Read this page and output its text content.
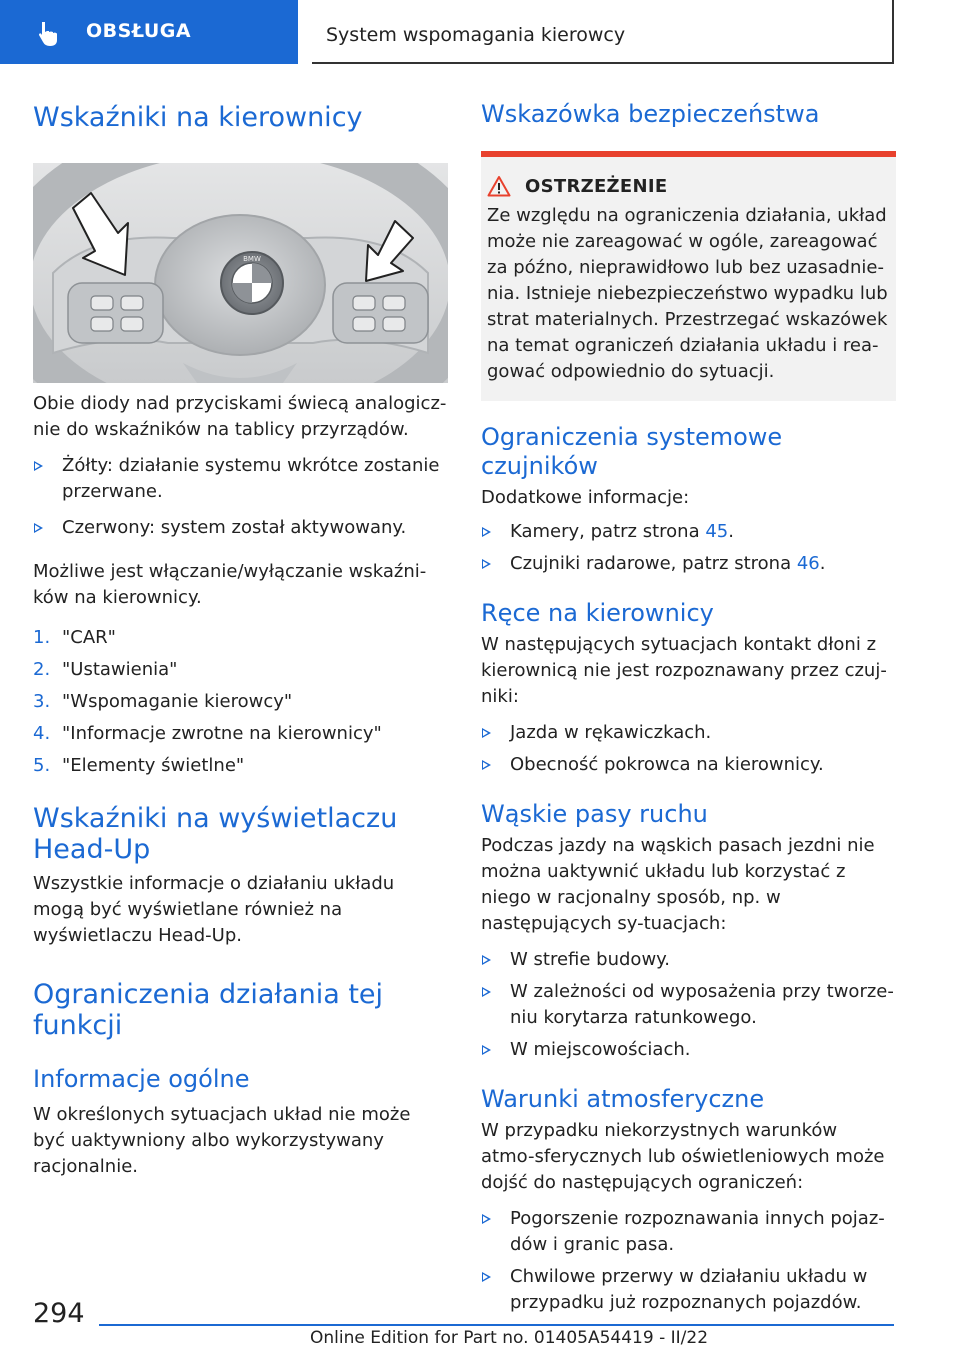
OBSŁUGA	System wspomagania kierowcy
Wskaźniki na kierownicy
BMW

Obie diody nad przyciskami świecą analogicz-nie do wskaźników na tablicy przyrządów.

Żółty: działanie systemu wkrótce zostanie przerwane.
Czerwony: system został aktywowany.

Możliwe jest włączanie/wyłączanie wskaźni-ków na kierownicy.

1. "CAR"
2. "Ustawienia"
3. "Wspomaganie kierowcy"
4. "Informacje zwrotne na kierownicy"
5. "Elementy świetlne"
Wskaźniki na wyświetlaczu Head-Up

Wszystkie informacje o działaniu układu mogą być wyświetlane również na wyświetlaczu Head-Up.

Ograniczenia działania tej funkcji
Informacje ogólne

W określonych sytuacjach układ nie może być uaktywniony albo wykorzystywany racjonalnie.

Wskazówka bezpieczeństwa
OSTRZEŻENIE

Ze względu na ograniczenia działania, układ może nie zareagować w ogóle, zareagować za późno, nieprawidłowo lub bez uzasadnie-nia. Istnieje niebezpieczeństwo wypadku lub strat materialnych. Przestrzegać wskazówek na temat ograniczeń działania układu i rea-gować odpowiednio do sytuacji.

Ograniczenia systemowe czujników

Dodatkowe informacje:

Kamery, patrz strona 45.
Czujniki radarowe, patrz strona 46.
Ręce na kierownicy

W następujących sytuacjach kontakt dłoni z kierownicą nie jest rozpoznawany przez czuj-niki:

Jazda w rękawiczkach.
Obecność pokrowca na kierownicy.
Wąskie pasy ruchu

Podczas jazdy na wąskich pasach jezdni nie można uaktywnić układu lub korzystać z niego w racjonalny sposób, np. w następujących sy-tuacjach:

W strefie budowy.
W zależności od wyposażenia przy tworze-niu korytarza ratunkowego.
W miejscowościach.
Warunki atmosferyczne

W przypadku niekorzystnych warunków atmo-sferycznych lub oświetleniowych może dojść do następujących ograniczeń:

Pogorszenie rozpoznawania innych pojaz-dów i granic pasa.
Chwilowe przerwy w działaniu układu w przypadku już rozpoznanych pojazdów.
294
Online Edition for Part no. 01405A54419 - II/22
